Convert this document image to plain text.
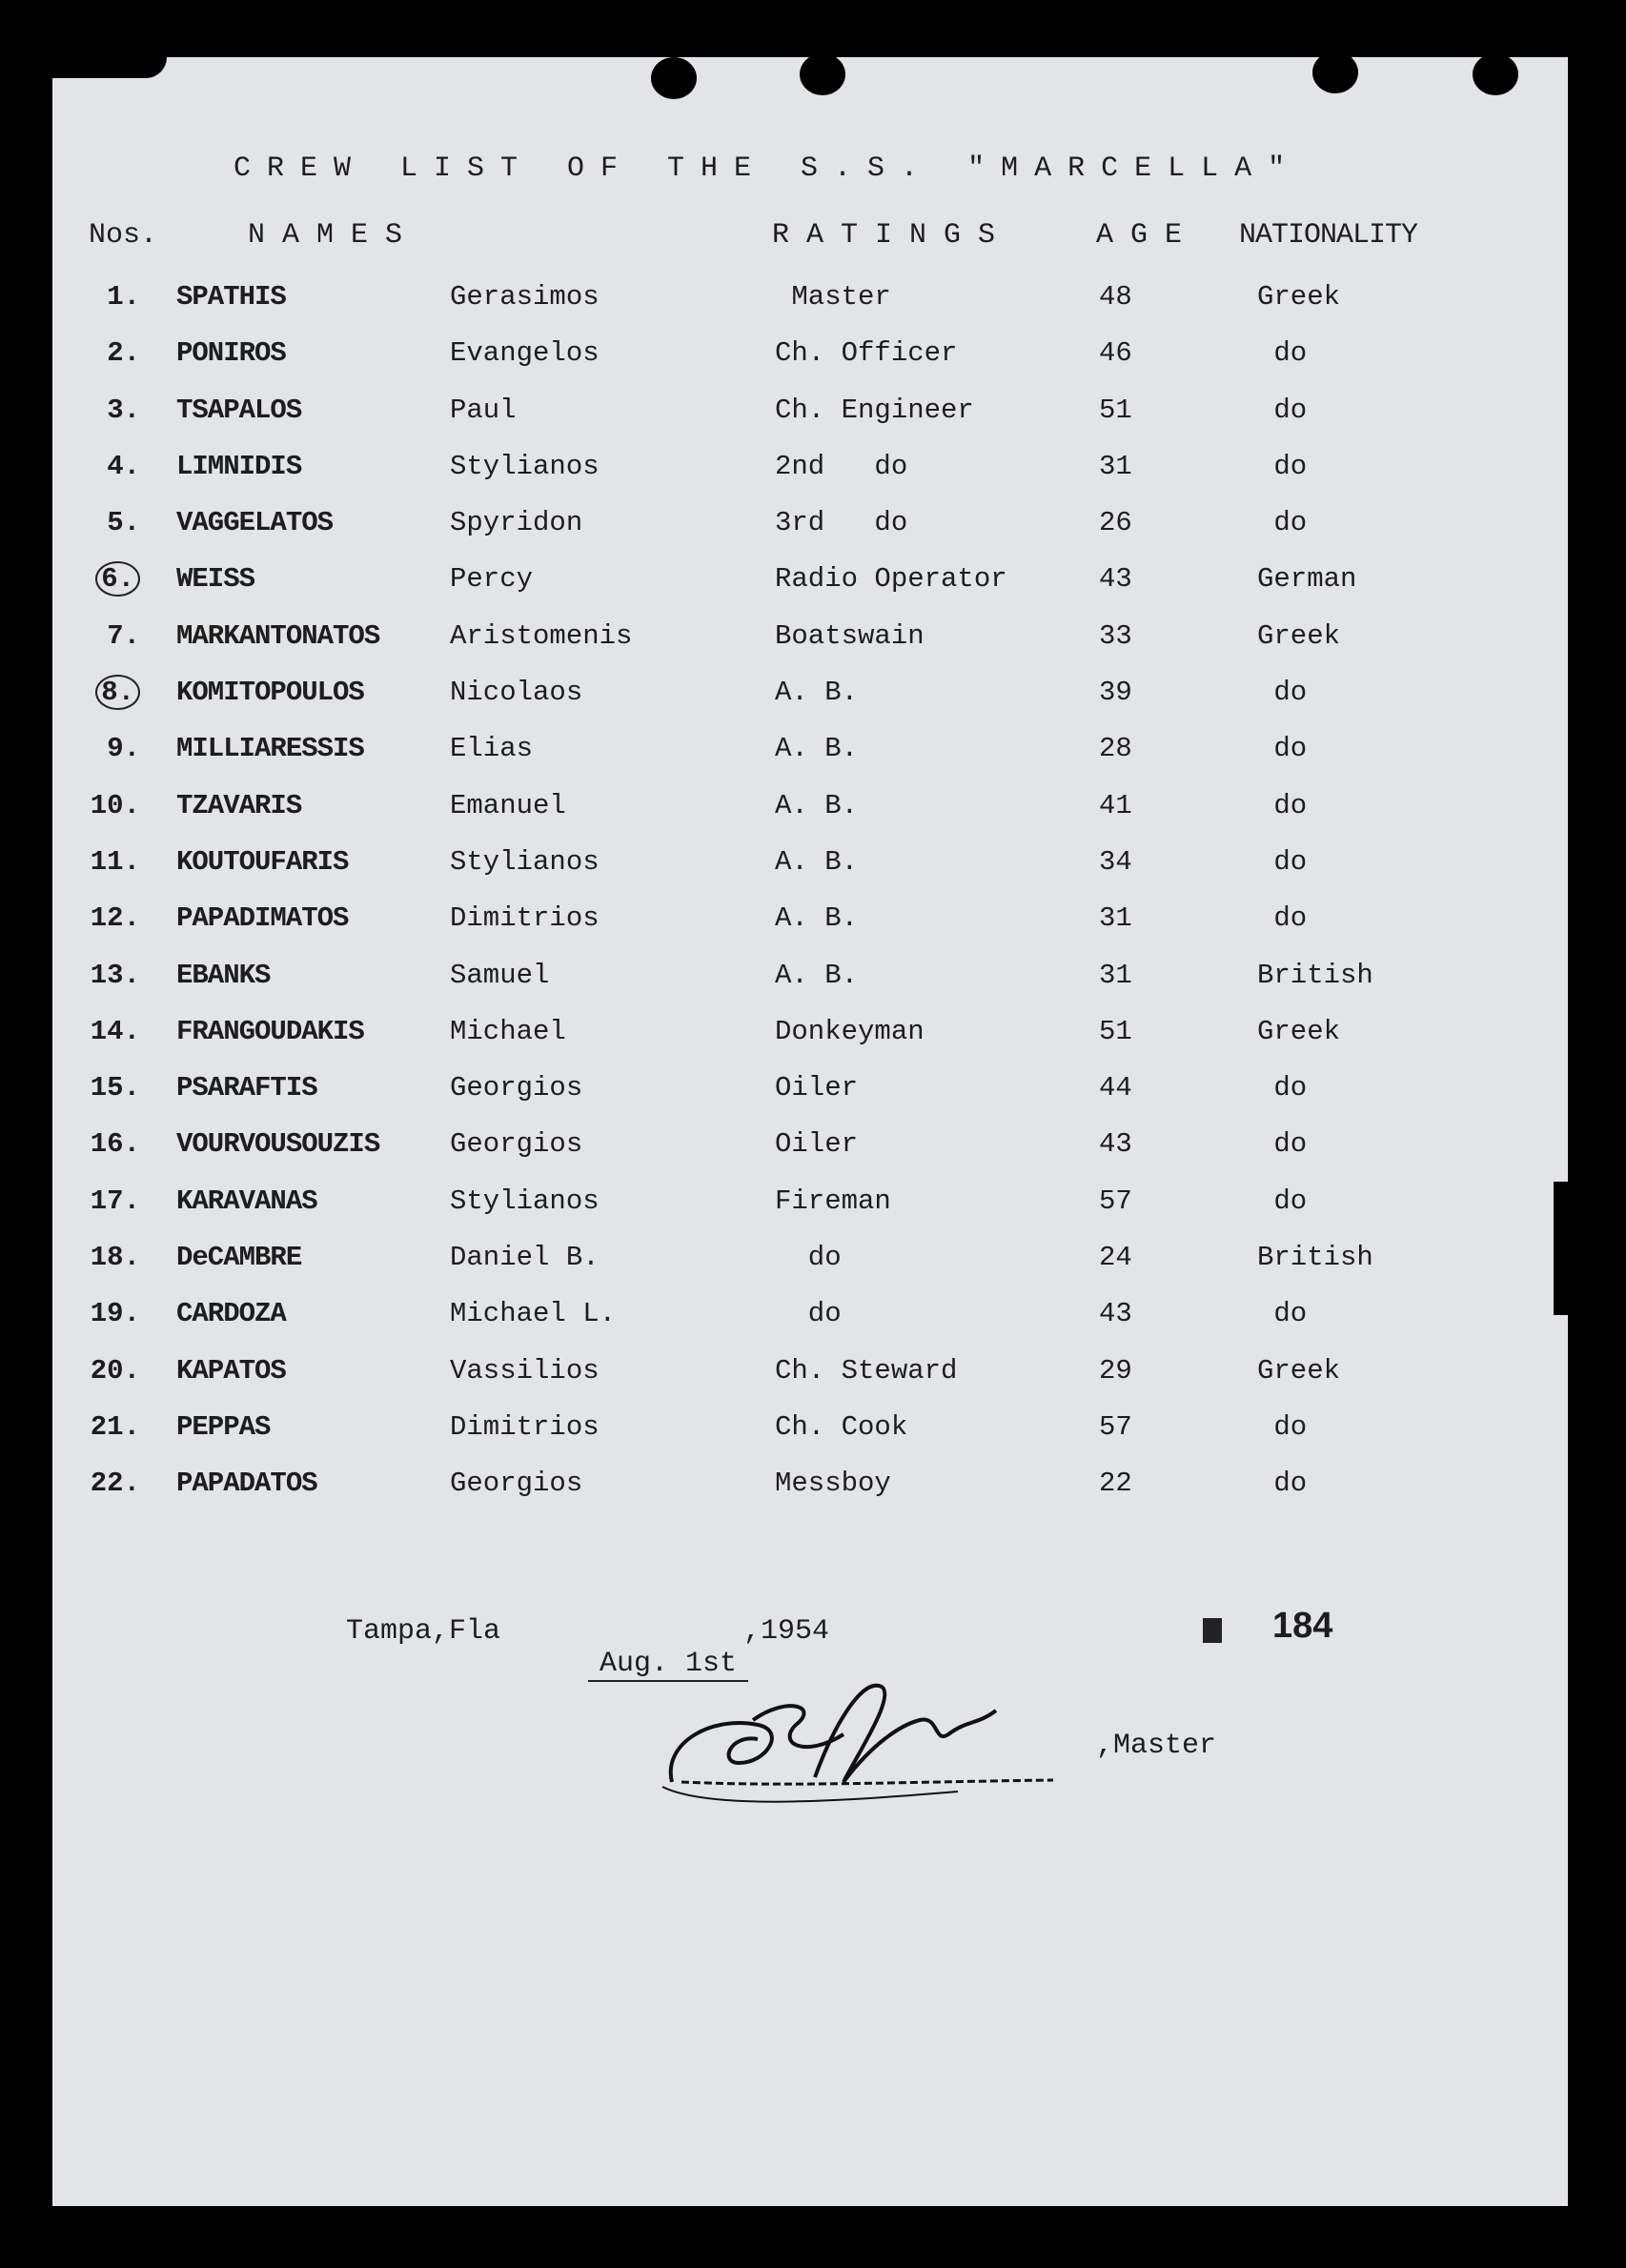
CREW LIST OF THE S.S. "MARCELLA"
Nos.	NAMES	RATINGS	AGE NATIONALITY
1. SPATHIS	Gerasimos	Master	48	Greek
2. PONIROS	Evangelos	Ch. Officer	46	do
3. TSAPALOS	Paul	Ch. Engineer	51	do
4. LIMNIDIS	Stylianos	2nd   do	31	do
5. VAGGELATOS	Spyridon	3rd   do	26	do
6. WEISS	Percy	Radio Operator	43	German
7. MARKANTONATOS	Aristomenis	Boatswain	33	Greek
8. KOMITOPOULOS	Nicolaos	A. B.	39	do
9. MILLIARESSIS	Elias	A. B.	28	do
10. TZAVARIS	Emanuel	A. B.	41	do
11. KOUTOUFARIS	Stylianos	A. B.	34	do
12. PAPADIMATOS	Dimitrios	A. B.	31	do
13. EBANKS	Samuel	A. B.	31	British
14. FRANGOUDAKIS	Michael	Donkeyman	51	Greek
15. PSARAFTIS	Georgios	Oiler	44	do
16. VOURVOUSOUZIS	Georgios	Oiler	43	do
17. KARAVANAS	Stylianos	Fireman	57	do
18. DeCAMBRE	Daniel B.	do	24	British
19. CARDOZA	Michael L.	do	43	do
20. KAPATOS	Vassilios	Ch. Steward	29	Greek
21. PEPPAS	Dimitrios	Ch. Cook	57	do
22. PAPADATOS	Georgios	Messboy	22	do
Tampa,Fla

Aug. 1st

,1954	184
,Master
